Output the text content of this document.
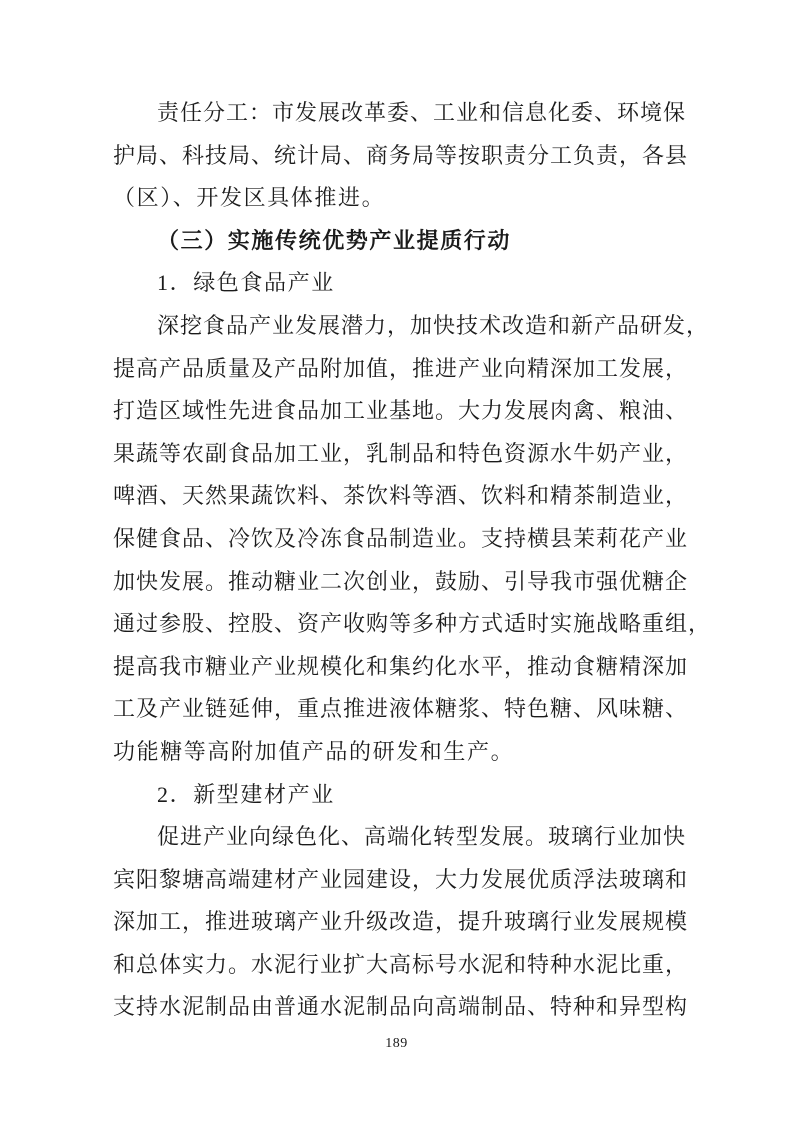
责任分工：市发展改革委、工业和信息化委、环境保
护局、科技局、统计局、商务局等按职责分工负责，各县
（区）、开发区具体推进。
（三）实施传统优势产业提质行动
1．绿色食品产业
深挖食品产业发展潜力，加快技术改造和新产品研发，
提高产品质量及产品附加值，推进产业向精深加工发展，
打造区域性先进食品加工业基地。大力发展肉禽、粮油、
果蔬等农副食品加工业，乳制品和特色资源水牛奶产业，
啤酒、天然果蔬饮料、茶饮料等酒、饮料和精茶制造业，
保健食品、冷饮及冷冻食品制造业。支持横县茉莉花产业
加快发展。推动糖业二次创业，鼓励、引导我市强优糖企
通过参股、控股、资产收购等多种方式适时实施战略重组，
提高我市糖业产业规模化和集约化水平，推动食糖精深加
工及产业链延伸，重点推进液体糖浆、特色糖、风味糖、
功能糖等高附加值产品的研发和生产。
2．新型建材产业
促进产业向绿色化、高端化转型发展。玻璃行业加快
宾阳黎塘高端建材产业园建设，大力发展优质浮法玻璃和
深加工，推进玻璃产业升级改造，提升玻璃行业发展规模
和总体实力。水泥行业扩大高标号水泥和特种水泥比重，
支持水泥制品由普通水泥制品向高端制品、特种和异型构
189
